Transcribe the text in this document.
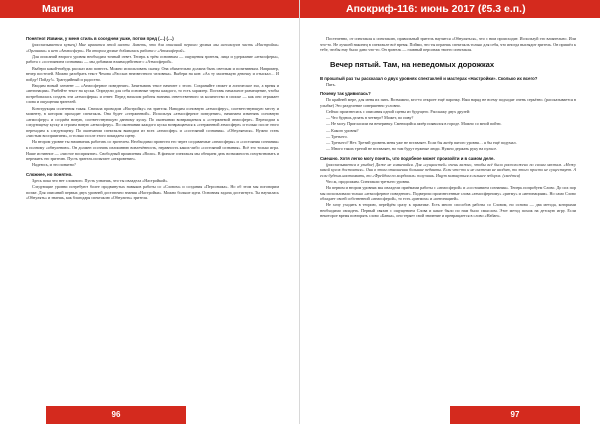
Магия

Понятно! Извини, у меня стиль в соседнем ушке, потом пред (…) (…)

(рассказывается кузнец) Мне нравится этой шелти. Заметь, что для описаний первого уровня мы используем часть «Настройка» «Органика» и нет «Атмосфера». На втором уровне добавилась работа с «Атмосферой».

Для описаний второго уровня необходим точный ответ. Теперь к трём основным — ощущения зрителя, лица и удержание «атмосферы», работа с «состоянием сознания» — мы добавили взаимодействие с «Атмосферой».

Выбери какой-нибудь рассказ или повесть. Можно использовать сказку. Она обязательно должна быть светлым и позитивным. Например, вечер постелей. Можно разобрать текст Чехова «Рассказ неизвестного человека». Выбери на кон: «Ах ту маленькую девочку и отыскал… И пойду! Пойду!». Трагедийный и радостно.

Вводим новый элемент — «Атмосферное поведение». Зачитывать текст начните с этого. Сохраняйте сюжет и логическое эхо, а время и «интонации». Разбейте текст на куски. Определи для себя основные черты каждого, то есть характер. Поставь начальное размещение, чтобы потребовалась создать эти «атмосферы» и ответ. Перед началом работы назначь ответственного за количество в списке — как оно отражает слова и ощущения зрителей.

Конструкция сплетения такая. Сначала проводим «Настройку» на зрителя. Наводим основную «атмосферу», соответствующую месту и моменту, в котором проходит спектакль. Она будет «стержневой». Используя «атмосферное поведение», начинаем изменять основную «атмосферу» и создаём новую, соответствующую данному куску. По окончании возвращаемся к «стержневой атмосфере». Переходим к следующему куску и строим новую «атмосферу». По окончании каждого куска возвращаемся к «стержневой атмосфере» и только после этого переходим к следующему. По окончании спектакля выводим из всех «атмосфер» и «состояний сознания». «Обнуляемся». Нужно стать «чистым восприятием», и только после этого покидаем сцену.

На втором уровне ты начинаешь работать со зрителем. Необходимо провести его через создаваемые «атмосферы» и «состояния сознания» к полному «обнулению». Он должен осознать излишнюю вовлечённость, неравность каких-либо «состояний сознания». Всё это только игра. Наше истинное — «чистое восприятие». Свободный проявления «Воли». В финале спектакля мы обещаем дать возможность почувствовать и пережить это зрителю. Пусть зритель испытает «откровение».

Надеюсь, и это понятно?

Сложнее, но понятно.

Здесь пока что нет сложного. Пусть узнаешь, что ты овладела «Настройкой».

Следующие уровни потребуют более продвинутых навыков работы со «Словом» и создания «Персонажа». Но об этом мы поговорим позже. Для описаний первых двух уровней достаточно знания «Настройки». Можно больше идти. Основная задача достигнута. Ты научилась «Обнулять» и знаешь, как благодаря спектаклю «Обнулить» зрителя.

96
Апокриф-116: июнь 2017 (ℓ5.3 е.п.)

Постепенно, от спектакля к спектаклю, правильный зритель научится «Обнуляться», что с ним происходит. Используй это влиятельно. Или что-то. Не лучшей наконец в спектакле всё время. Пойми, что ты играешь спектакль только для себя, что иногда выглядит зритель. Он пришёл к тебе, чтобы ему было дано что-то. Он зритель — главный персонаж твоего спектакля.

Вечер пятый. Там, на неведомых дорожках

В прошлый раз ты рассказал о двух уровнях спектаклей и мастерах «Настройки». Сколько их всего?

Пять.

Почему так удивилась?

По крайней мере, для меня их пять. Возможно, кто-то откроет ещё парочку. Наш наряд не всему подходят очень серьёзно. (рассказывается в улыбке) Это разделение совершенно условно.

Сейчас произнесись с описания одной сцены из будущего. Расскажу двух друзей:

— Что будешь делать в четверг? Может, по пиву?

— Не могу. Пригласили на вечеринку. Смеющийся актёр появился в городе. Можно со мной пойти.

— Какого уровня?

— Третьего.

— Третьего? Нет. Третий уровень меня уже не вставляет. Если бы актёр пятого уровня… я бы ещё подумал.

— Много таких третий не вставляет, но там будут нужные люди. Нужно держать руку на пульсе.

Смешно. Хотя легко могу понять, что подобное может произойти и в самом деле.

(рассказывается в улыбке) Даже не сомневайся. Для «сущностей» очень важно, чтобы всё было расположено по своим местам. «Нежу какой кусок достоится». Они в этом отношении большие педанты. Если что-то и не система не входит, то этого просто не существует. А если будешь настаивать, то «Фрейдом по мордасам» получишь. Ищут замкнуться в сильнее зеборок. (смеётся)

Что ж, продолжим. Спектакли третьего уровня.

На первом и втором уровнях мы овладели приёмами работы с «атмосферой» и «состоянием сознания». Теперь попробуем Слово. До сих пор мы использовали только «атмосферное поведение». Подвергли произнесенные слова «атмосферному» «ритму» и «интонациям». Но само Слово обладает своей собственной «атмосферой», то есть «ритмом» и «интонацией».

Не хочу уходить в теорию, перейдём сразу к практике. Есть много способов работы со Словом, но основа — два метода, которыми необходимо овладеть. Первый связан с ощущением Слова и какое было по нам было смыслом. Этот метод похож на детскую игру. Если некоторое время повторять слово «Банка», оно теряет свой значение и превращается в слово «Набан».

97
